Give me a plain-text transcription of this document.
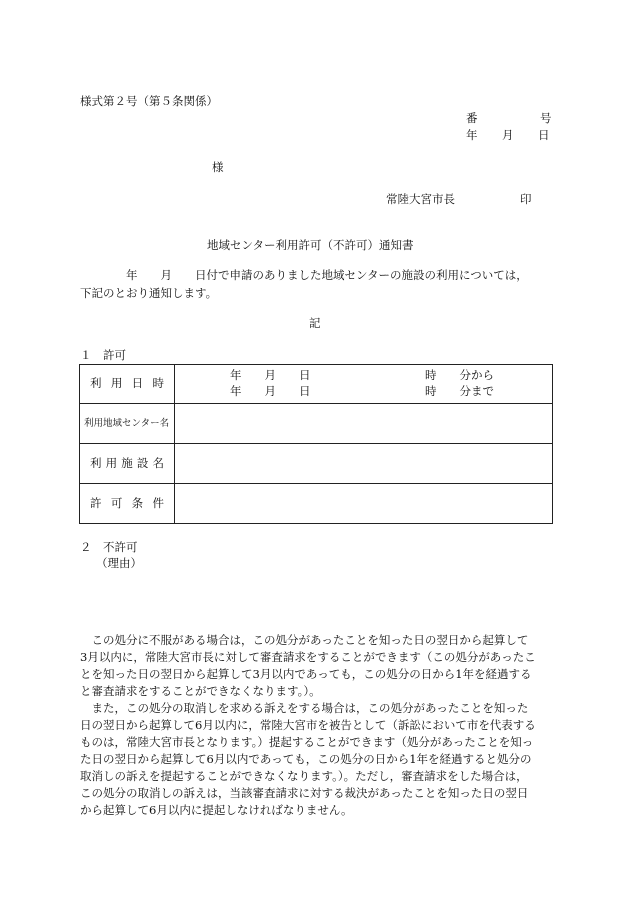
様式第２号（第５条関係）
番	号
年　　月　　日
様
常陸大宮市長	印
地域センター利用許可（不許可）通知書
　　　　年　　月　　日付で申請のありました地域センターの施設の利用については，
下記のとおり通知します。
記
１　許可
利用日時	年　　月　　日 時　　分から
年　　月　　日 時　　分まで

利用地域センター名	
利用施設名	
許可条件	
２　不許可
（理由）
　この処分に不服がある場合は，この処分があったことを知った日の翌日から起算して
3月以内に，常陸大宮市長に対して審査請求をすることができます（この処分があったこ
とを知った日の翌日から起算して3月以内であっても，この処分の日から1年を経過する
と審査請求をすることができなくなります。）。
　また，この処分の取消しを求める訴えをする場合は，この処分があったことを知った
日の翌日から起算して6月以内に，常陸大宮市を被告として（訴訟において市を代表する
ものは，常陸大宮市長となります。）提起することができます（処分があったことを知っ
た日の翌日から起算して6月以内であっても，この処分の日から1年を経過すると処分の
取消しの訴えを提起することができなくなります。）。ただし，審査請求をした場合は，
この処分の取消しの訴えは，当該審査請求に対する裁決があったことを知った日の翌日
から起算して6月以内に提起しなければなりません。
